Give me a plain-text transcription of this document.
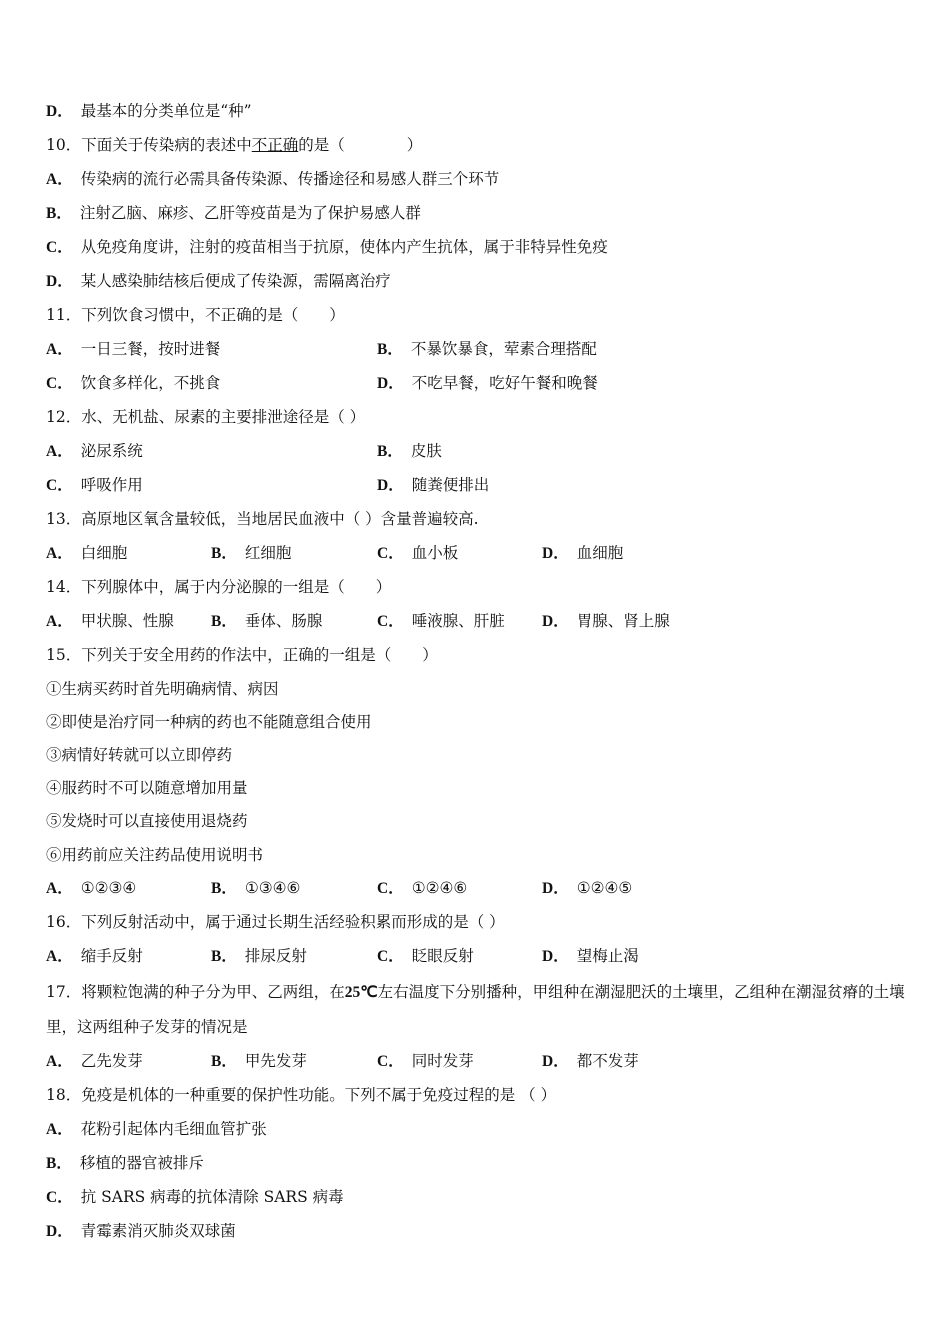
D． 最基本的分类单位是“种”
10．下面关于传染病的表述中不正确的是（　　　　）
A． 传染病的流行必需具备传染源、传播途径和易感人群三个环节
B． 注射乙脑、麻疹、乙肝等疫苗是为了保护易感人群
C． 从免疫角度讲，注射的疫苗相当于抗原，使体内产生抗体，属于非特异性免疫
D． 某人感染肺结核后便成了传染源，需隔离治疗
11．下列饮食习惯中，不正确的是（　　）
A． 一日三餐，按时进餐	B． 不暴饮暴食，荤素合理搭配
C． 饮食多样化，不挑食	D． 不吃早餐，吃好午餐和晚餐
12．水、无机盐、尿素的主要排泄途径是（ ）
A． 泌尿系统	B． 皮肤
C． 呼吸作用	D． 随粪便排出
13．高原地区氧含量较低，当地居民血液中（ ）含量普遍较高.
A． 白细胞	B． 红细胞	C． 血小板	D． 血细胞
14．下列腺体中，属于内分泌腺的一组是（　　）
A． 甲状腺、性腺 B． 垂体、肠腺	C． 唾液腺、肝脏 D． 胃腺、肾上腺
15．下列关于安全用药的作法中，正确的一组是（　　）
①生病买药时首先明确病情、病因
②即使是治疗同一种病的药也不能随意组合使用
③病情好转就可以立即停药
④服药时不可以随意增加用量
⑤发烧时可以直接使用退烧药
⑥用药前应关注药品使用说明书
A． ①②③④	B． ①③④⑥	C． ①②④⑥	D． ①②④⑤
16．下列反射活动中，属于通过长期生活经验积累而形成的是（ ）
A． 缩手反射	B． 排尿反射	C． 眨眼反射	D． 望梅止渴
17．将颗粒饱满的种子分为甲、乙两组，在25℃左右温度下分别播种，甲组种在潮湿肥沃的土壤里，乙组种在潮湿贫瘠的土壤里，这两组种子发芽的情况是
A． 乙先发芽	B． 甲先发芽	C． 同时发芽	D． 都不发芽
18．免疫是机体的一种重要的保护性功能。下列不属于免疫过程的是 （ ）
A． 花粉引起体内毛细血管扩张
B． 移植的器官被排斥
C． 抗 SARS 病毒的抗体清除 SARS 病毒
D． 青霉素消灭肺炎双球菌
